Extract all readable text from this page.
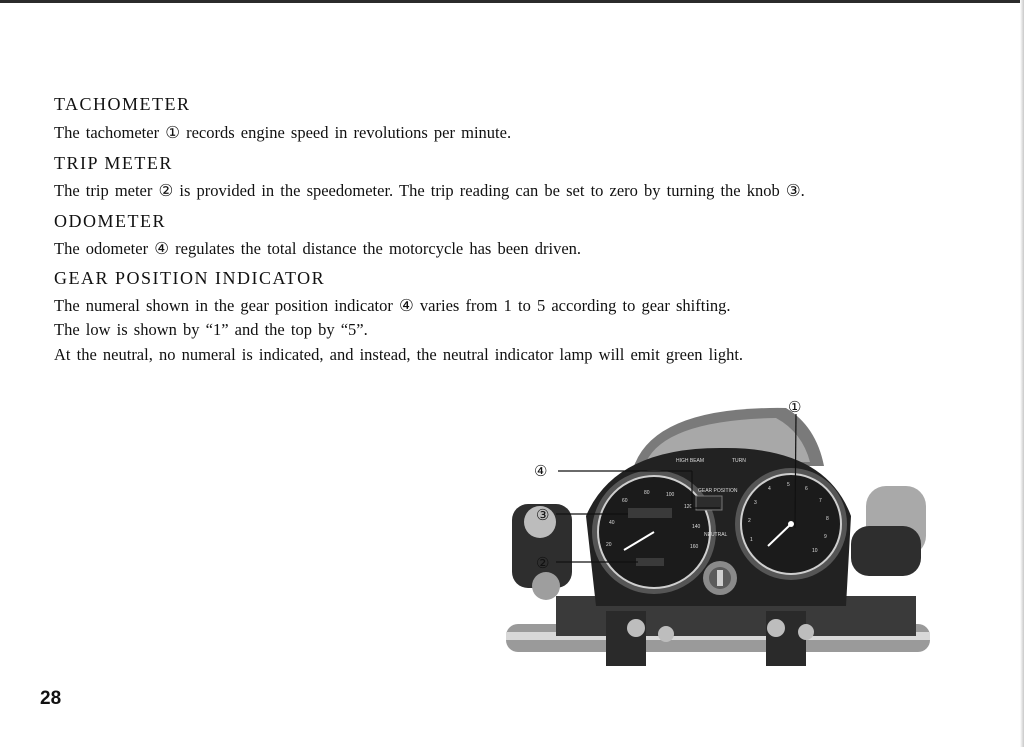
TACHOMETER

The tachometer ① records engine speed in revolutions per minute.

TRIP METER

The trip meter ② is provided in the speedometer. The trip reading can be set to zero by turning the knob ③.

ODOMETER

The odometer ④ regulates the total distance the motorcycle has been driven.

GEAR POSITION INDICATOR

The numeral shown in the gear position indicator ④ varies from 1 to 5 according to gear shifting.

The low is shown by “1” and the top by “5”.

At the neutral, no numeral is indicated, and instead, the neutral indicator lamp will emit green light.

20
40
60
80	100
120
140
160
1
2
3
4
5
6
7
8
9
10
HIGH BEAM	TURN
GEAR POSITION
NEUTRAL
①
②
③
④
28
